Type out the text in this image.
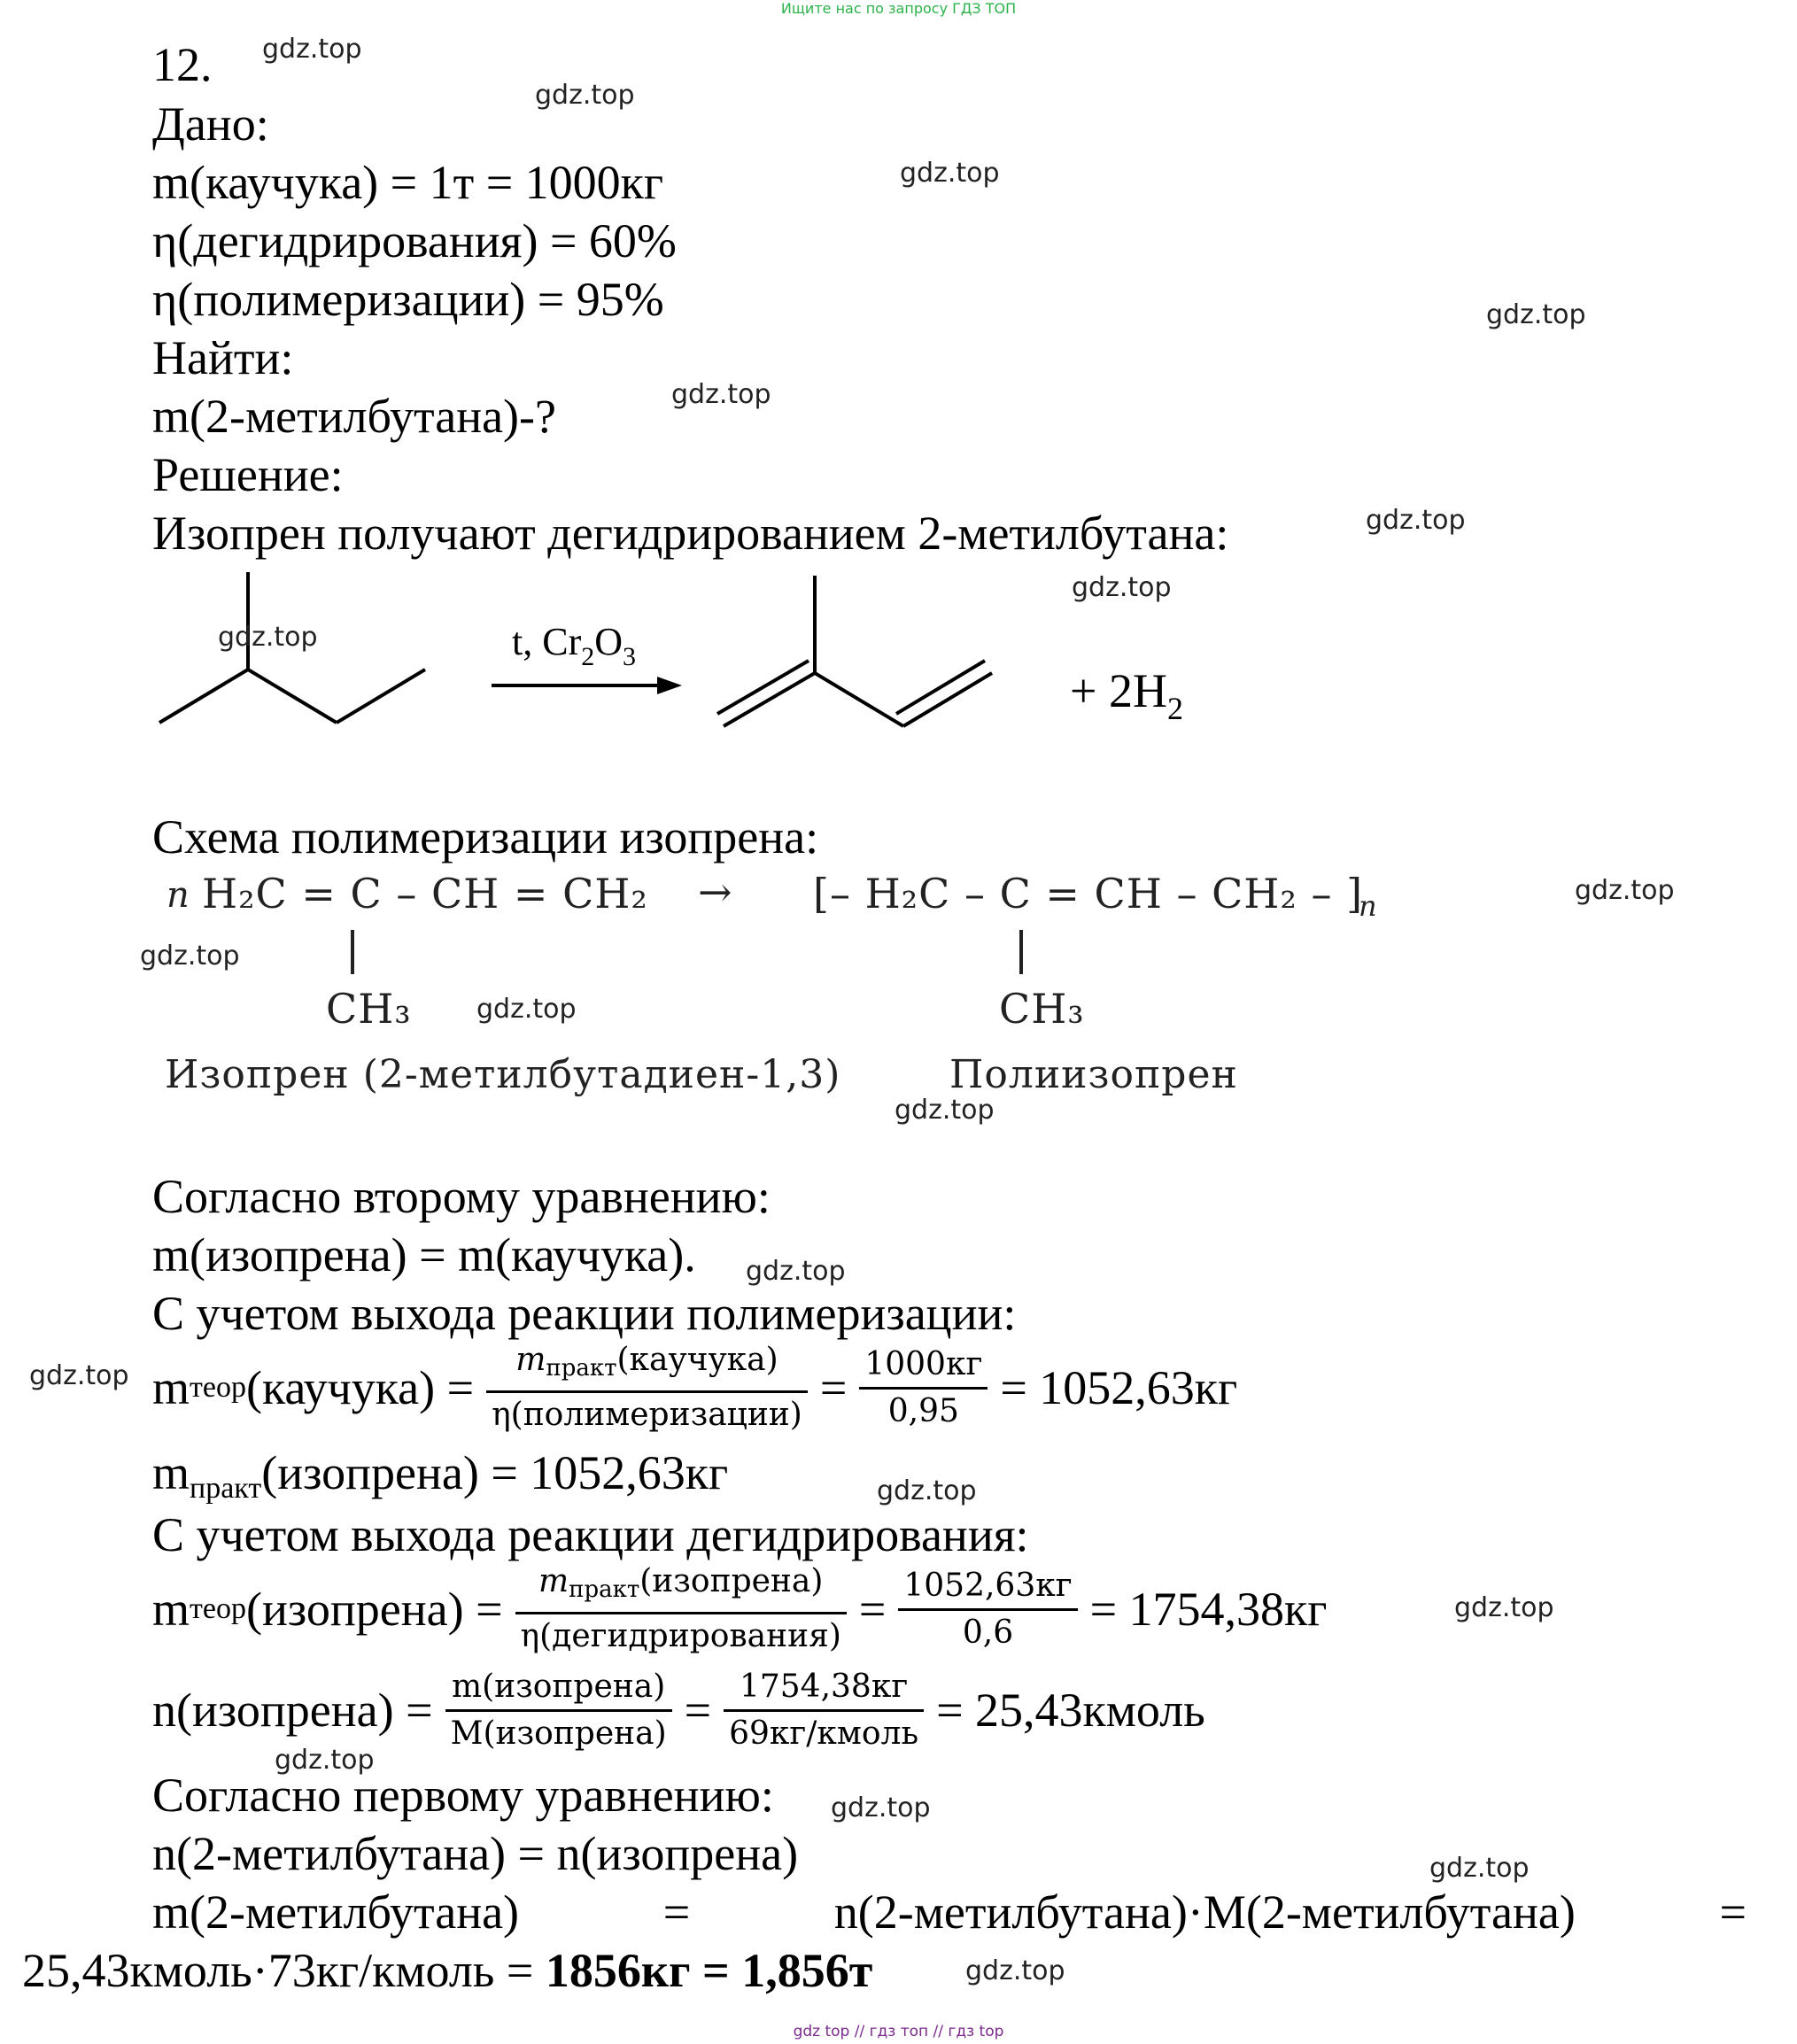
Ищите нас по запросу ГДЗ ТОП
12.
Дано:
m(каучука) = 1т = 1000кг
η(дегидрирования) = 60%
η(полимеризации) = 95%
Найти:
m(2-метилбутана)-?
Решение:
Изопрен получают дегидрированием 2-метилбутана:
t, $Cr_2O_3$
+ $2H_2$
Схема полимеризации изопрена:
n H₂C = C – CH = CH₂ → [– H₂C – C = CH – CH₂ – ]
n
CH₃	CH₃
Изопрен (2-метилбутадиен-1,3)	Полиизопрен
Согласно второму уравнению:
m(изопрена) = m(каучука).
С учетом выхода реакции полимеризации:
m теор (каучука) = $\frac{\text{mпракт(каучука)}}{\text{η(полимеризации)}} = \frac{1000кг}{0,95} = 1052,63кг$
mпракт(изопрена) = 1052,63кг
С учетом выхода реакции дегидрирования:
m теор (изопрена) = $\frac{\text{mпракт(изопрена)}}{\text{η(дегидрирования)}} = \frac{1052,63кг}{0,6} = 1754,38кг$
n(изопрена) = $\frac{\text{m(изопрена)}}{\text{M(изопрена)}} = \frac{1754,38кг}{\text{69кг/кмоль}}$ = 25,43кмоль
Согласно первому уравнению:
n(2-метилбутана) = n(изопрена)
m(2-метилбутана)	=	n(2-метилбутана)·M(2-метилбутана)	=
25,43кмоль·73кг/кмоль = 1856кг = 1,856т
gdz.top
gdz.top
gdz.top
gdz.top
gdz.top
gdz.top
gdz.top
gdz.top
gdz.top
gdz.top
gdz.top
gdz.top
gdz.top
gdz.top
gdz.top
gdz.top
gdz.top
gdz.top
gdz.top
gdz.top
gdz top // гдз топ // гдз top
